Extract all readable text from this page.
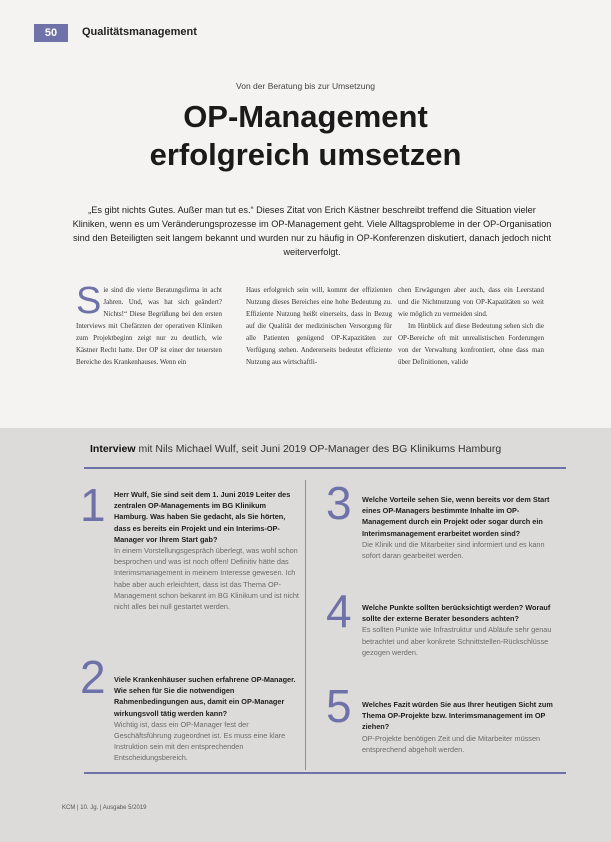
50	Qualitätsmanagement
Von der Beratung bis zur Umsetzung
OP-Management
erfolgreich umsetzen
„Es gibt nichts Gutes. Außer man tut es.“ Dieses Zitat von Erich Kästner beschreibt treffend die Situation vieler Kliniken, wenn es um Veränderungsprozesse im OP-Management geht. Viele Alltagsprobleme in der OP-Organisation sind den Beteiligten seit langem bekannt und wurden nur zu häufig in OP-Konferenzen diskutiert, danach jedoch nicht weiterverfolgt.
S ie sind die vierte Beratungsfirma in acht Jahren. Und, was hat sich geändert? Nichts!“ Diese Begrüßung bei den ersten Interviews mit Chefärzten der operativen Kliniken zum Projektbeginn zeigt nur zu deutlich, wie Kästner Recht hatte. Der OP ist einer der teuersten Bereiche des Krankenhauses. Wenn ein

Haus erfolgreich sein will, kommt der effizienten Nutzung dieses Bereiches eine hohe Bedeutung zu. Effiziente Nutzung heißt einerseits, dass in Bezug auf die Qualität der medizinischen Versorgung für alle Patienten genügend OP-Kapazitäten zur Verfügung stehen. Andererseits bedeutet effiziente Nutzung aus wirtschaftli-

chen Erwägungen aber auch, dass ein Leerstand und die Nichtnutzung von OP-Kapazitäten so weit wie möglich zu vermeiden sind.

Im Hinblick auf diese Bedeutung sehen sich die OP-Bereiche oft mit unrealistischen Forderungen von der Verwaltung konfrontiert, ohne dass man über Definitionen, valide

Interview mit Nils Michael Wulf, seit Juni 2019 OP-Manager des BG Klinikums Hamburg
1 Herr Wulf, Sie sind seit dem 1. Juni 2019 Leiter des zentralen OP-Managements im BG Klinikum Hamburg. Was haben Sie gedacht, als Sie hörten, dass es bereits ein Projekt und ein Interims-OP-Manager vor Ihrem Start gab?
In einem Vorstellungsgespräch überlegt, was wohl schon besprochen und was ist noch offen! Definitiv hätte das Interimsmanagement in meinem Interesse gewesen. Ich habe aber auch erleichtert, dass ist das Thema OP-Management schon bekannt im BG Klinikum und ist nicht nicht alles bei null gestartet werden.
2 Viele Krankenhäuser suchen erfahrene OP-Manager. Wie sehen für Sie die notwendigen Rahmenbedingungen aus, damit ein OP-Manager wirkungsvoll tätig werden kann?
Wichtig ist, dass ein OP-Manager fest der Geschäftsführung zugeordnet ist. Es muss eine klare Instruktion sein mit den entsprechenden Entscheidungsbereich.
3 Welche Vorteile sehen Sie, wenn bereits vor dem Start eines OP-Managers bestimmte Inhalte im OP-Management durch ein Projekt oder sogar durch ein Interimsmanagement erarbeitet worden sind?
Die Klinik und die Mitarbeiter sind informiert und es kann sofort daran gearbeitet werden.
4 Welche Punkte sollten berücksichtigt werden? Worauf sollte der externe Berater besonders achten?
Es sollten Punkte wie Infrastruktur und Abläufe sehr genau betrachtet und aber konkrete Schnittstellen-Rückschlüsse gezogen werden.
5 Welches Fazit würden Sie aus Ihrer heutigen Sicht zum Thema OP-Projekte bzw. Interimsmanagement im OP ziehen?
OP-Projekte benötigen Zeit und die Mitarbeiter müssen entsprechend abgeholt werden.
KCM | 10. Jg. | Ausgabe 5/2019
